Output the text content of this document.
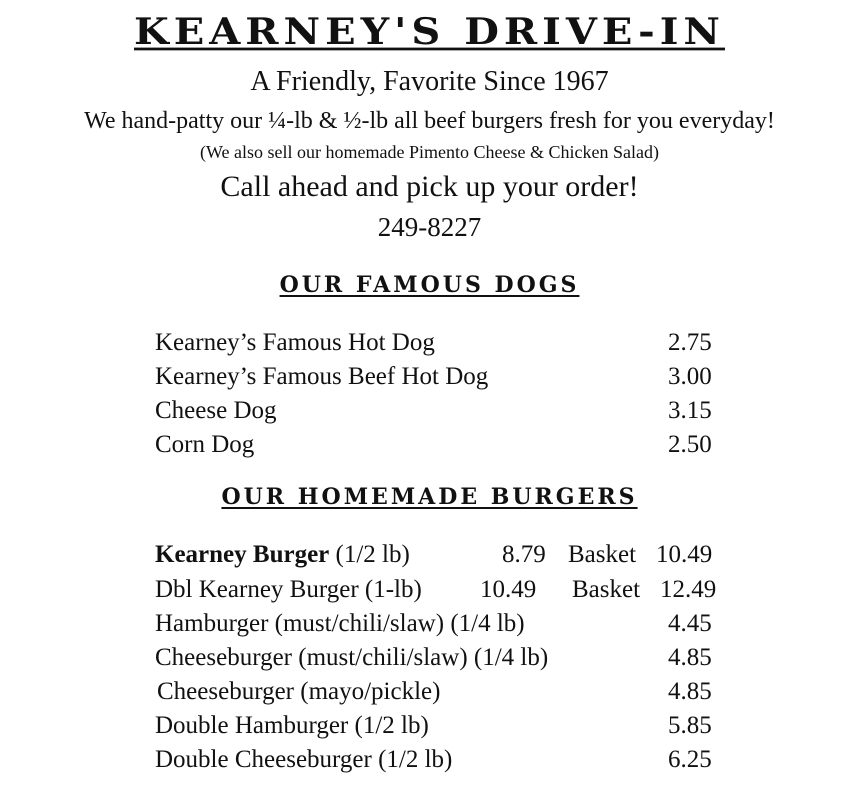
KEARNEY'S DRIVE-IN
A Friendly, Favorite Since 1967
We hand-patty our ¼-lb & ½-lb all beef burgers fresh for you everyday!
(We also sell our homemade Pimento Cheese & Chicken Salad)
Call ahead and pick up your order!
249-8227
OUR FAMOUS DOGS
Kearney’s Famous Hot Dog	2.75
Kearney’s Famous Beef Hot Dog	3.00
Cheese Dog	3.15
Corn Dog	2.50
OUR HOMEMADE BURGERS
Kearney Burger (1/2 lb)	8.79 Basket 10.49
Dbl Kearney Burger (1-lb) 10.49 Basket 12.49
Hamburger (must/chili/slaw) (1/4 lb)	4.45
Cheeseburger (must/chili/slaw) (1/4 lb)	4.85
Cheeseburger (mayo/pickle)	4.85
Double Hamburger (1/2 lb)	5.85
Double Cheeseburger (1/2 lb)	6.25
